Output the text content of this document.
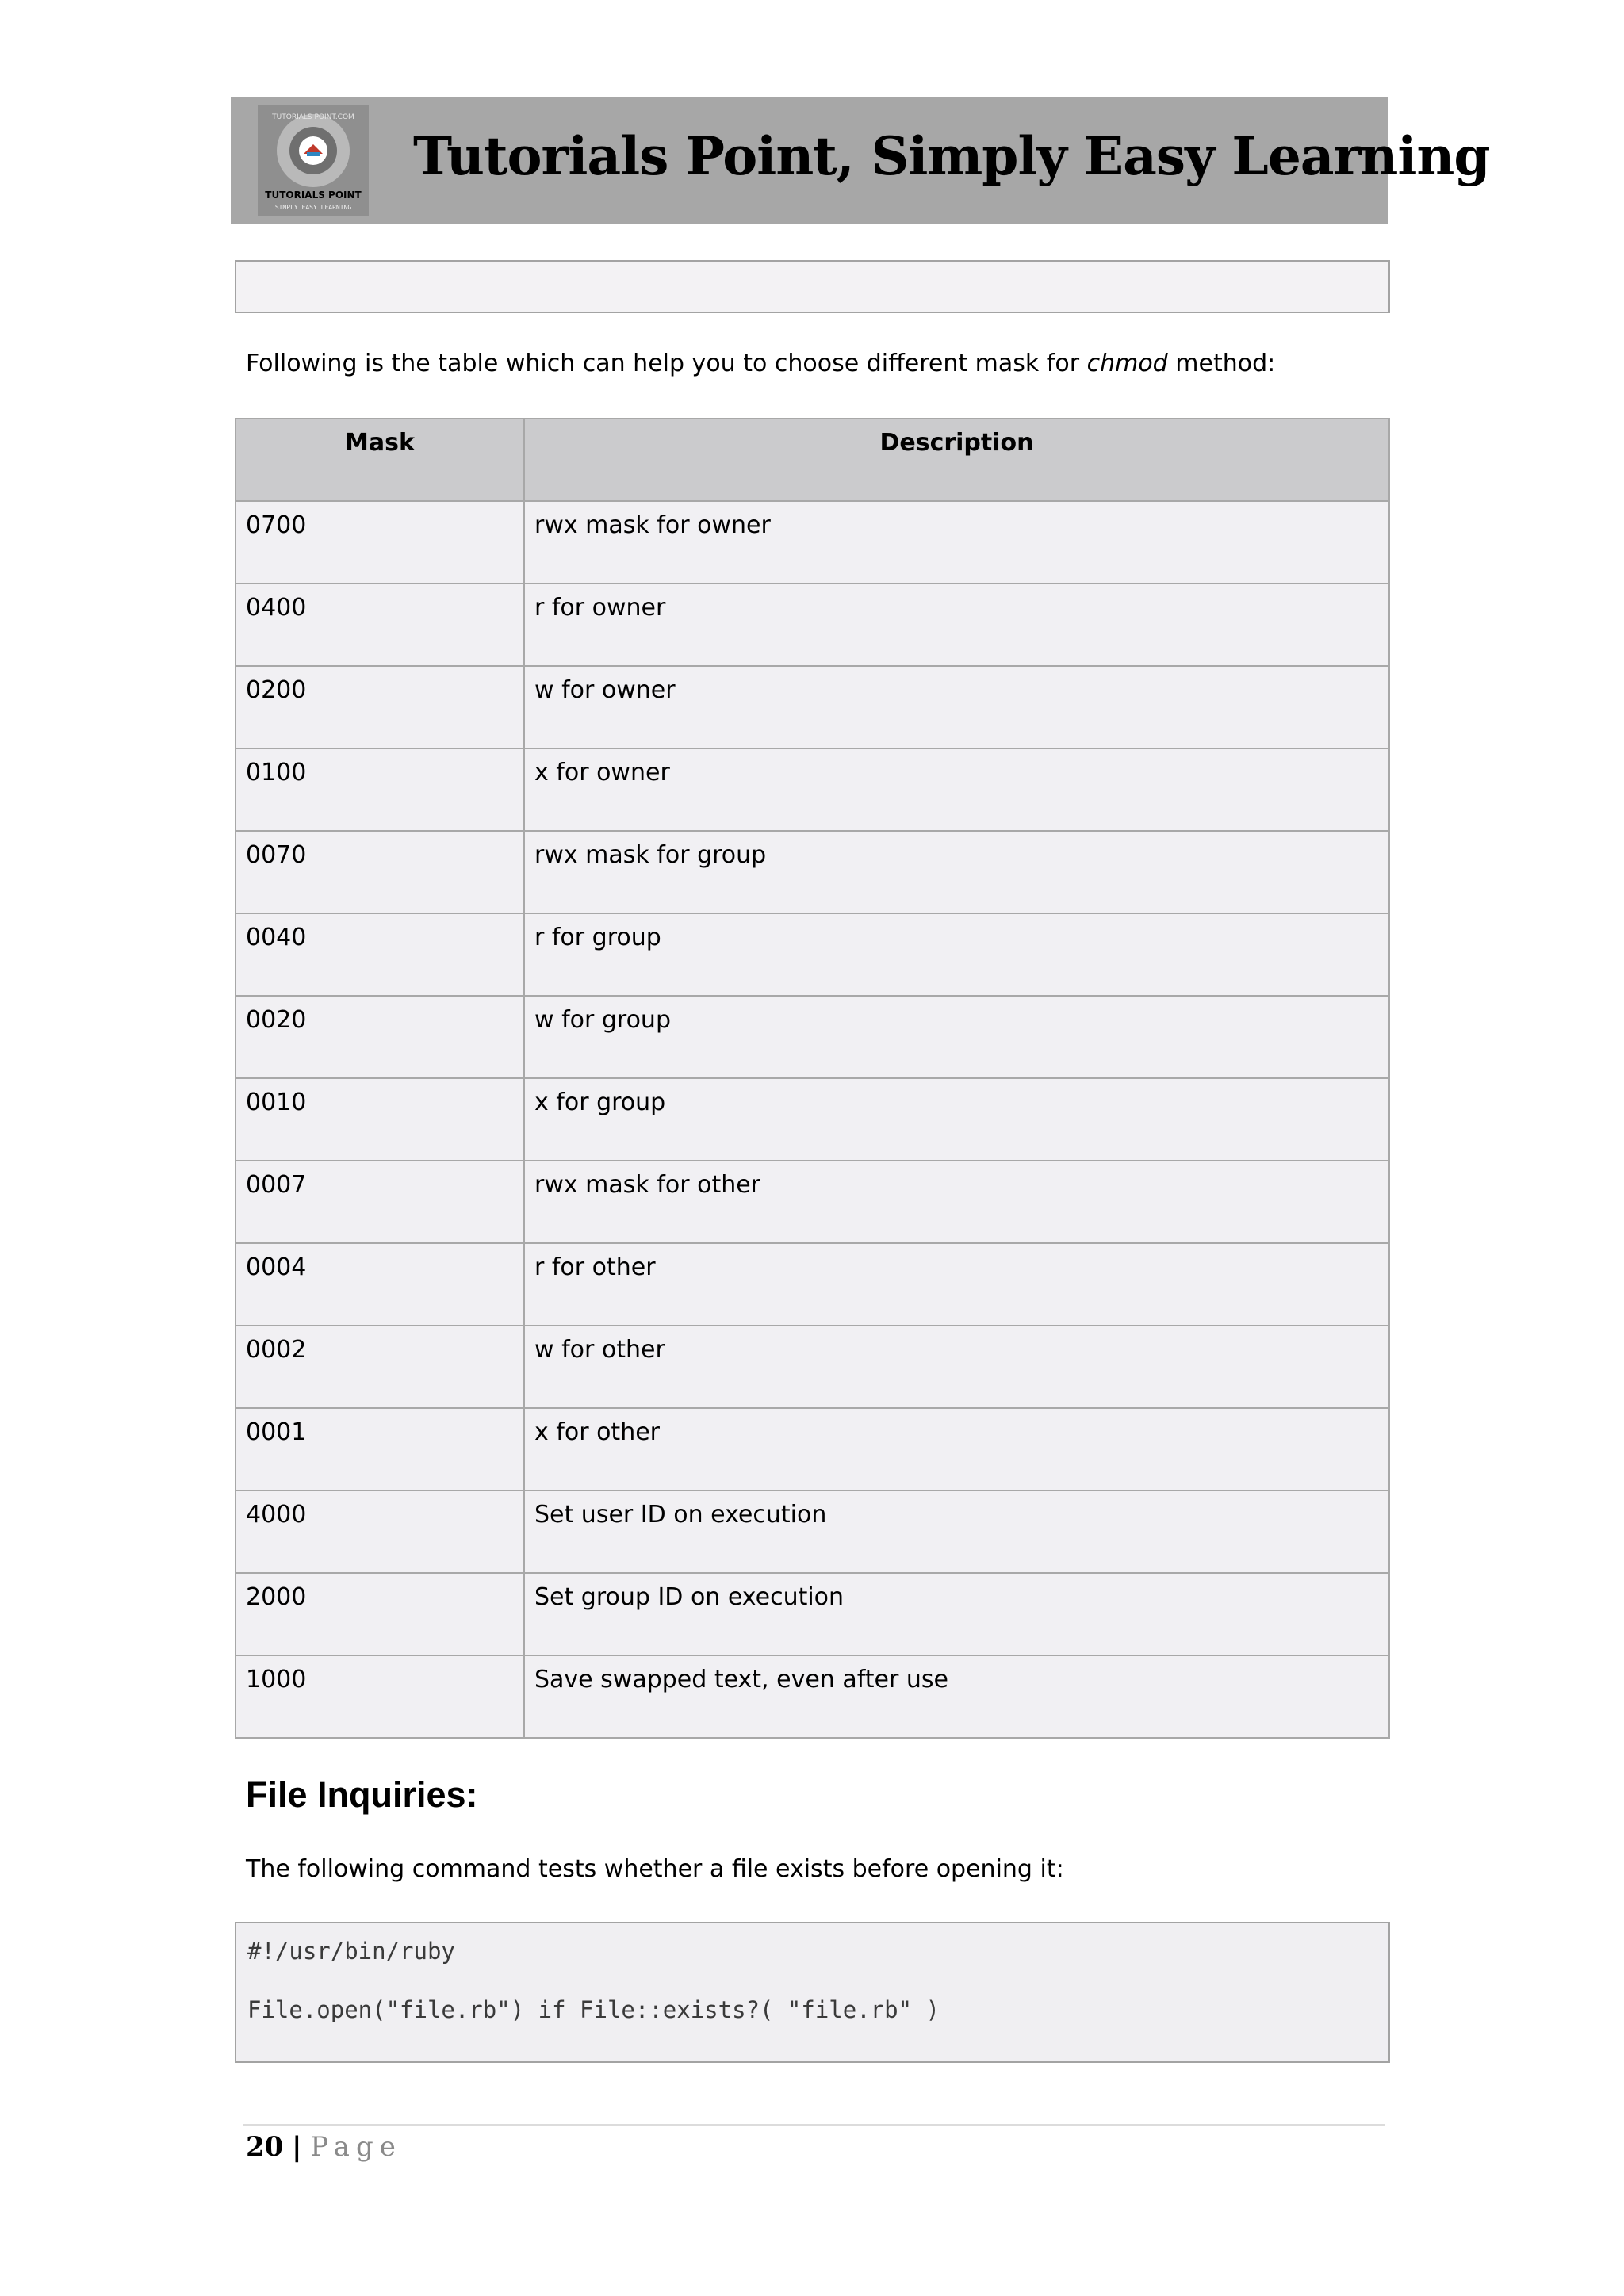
TUTORIALS POINT.COM
TUTORIALS POINT
SIMPLY EASY LEARNING
Tutorials Point, Simply Easy Learning
Following is the table which can help you to choose different mask for chmod method:
Mask	Description
0700	rwx mask for owner
0400	r for owner
0200	w for owner
0100	x for owner
0070	rwx mask for group
0040	r for group
0020	w for group
0010	x for group
0007	rwx mask for other
0004	r for other
0002	w for other
0001	x for other
4000	Set user ID on execution
2000	Set group ID on execution
1000	Save swapped text, even after use
File Inquiries:
The following command tests whether a file exists before opening it:
#!/usr/bin/ruby
File.open("file.rb") if File::exists?( "file.rb" )
20 | Page
